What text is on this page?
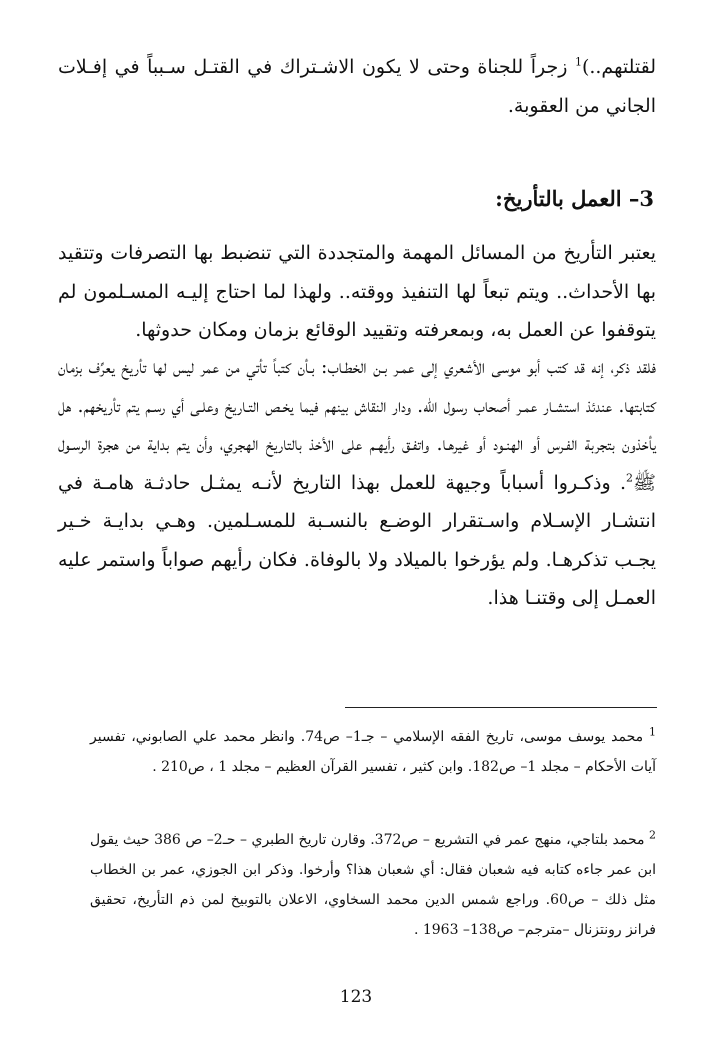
لقتلتهم..)$^1$ زجراً للجناة وحتى لا يكون الاشـتراك في القتـل سـبباً في إفـلات الجاني من العقوبة.

3– العمل بالتأريخ:

يعتبر التأريخ من المسائل المهمة والمتجددة التي تنضبط بها التصرفات وتتقيد بها الأحداث.. ويتم تبعاً لها التنفيذ ووقته.. ولهذا لما احتاج إليـه المسـلمون لم يتوقفوا عن العمل به، وبمعرفته وتقييد الوقائع بزمان ومكان حدوثها.

فلقد ذكر، إنه قد كتب أبو موسى الأشعري إلى عمـر بـن الخطـاب: بـأن كتباً تأتي من عمر ليس لها تأريخ يعرِّف بزمان كتابتها. عندئذ استشـار عمـر أصحاب رسول الله. ودار النقاش بينهم فيما يخـص التـاريخ وعلـى أي رسـم يتم تأريخهم. هل يأخذون بتجربة الفـرس أو الهنـود أو غيرهـا. واتفـق رأيهـم على الأخذ بالتاريخ الهجري، وأن يتم بداية من هجرة الرسـول ﷺ$^2$. وذكـروا أسباباً وجيهة للعمل بهذا التاريخ لأنـه يمثـل حادثـة هامـة في انتشـار الإسـلام واسـتقرار الوضـع بالنسـبة للمسـلمين. وهـي بدايـة خـير يجـب تذكرهـا. ولم يؤرخوا بالميلاد ولا بالوفاة. فكان رأيهم صواباً واستمر عليه العمـل إلى وقتنـا هذا.

$^1$ محمد يوسف موسى، تاريخ الفقه الإسلامي – جـ1– ص74. وانظر محمد علي الصابوني، تفسير آيات الأحكام – مجلد 1– ص182. وابن كثير ، تفسير القرآن العظيم – مجلد 1 ، ص210 .

$^2$ محمد بلتاجي، منهج عمر في التشريع – ص372. وقارن تاريخ الطبري – حـ2– ص 386 حيث يقول ابن عمر جاءه كتابه فيه شعبان فقال: أي شعبان هذا؟ وأرخوا. وذكر ابن الجوزي، عمر بن الخطاب مثل ذلك – ص60. وراجع شمس الدين محمد السخاوي، الاعلان بالتوبيخ لمن ذم التأريخ، تحقيق فرانز رونتزنال –مترجم– ص138– 1963 .

123
